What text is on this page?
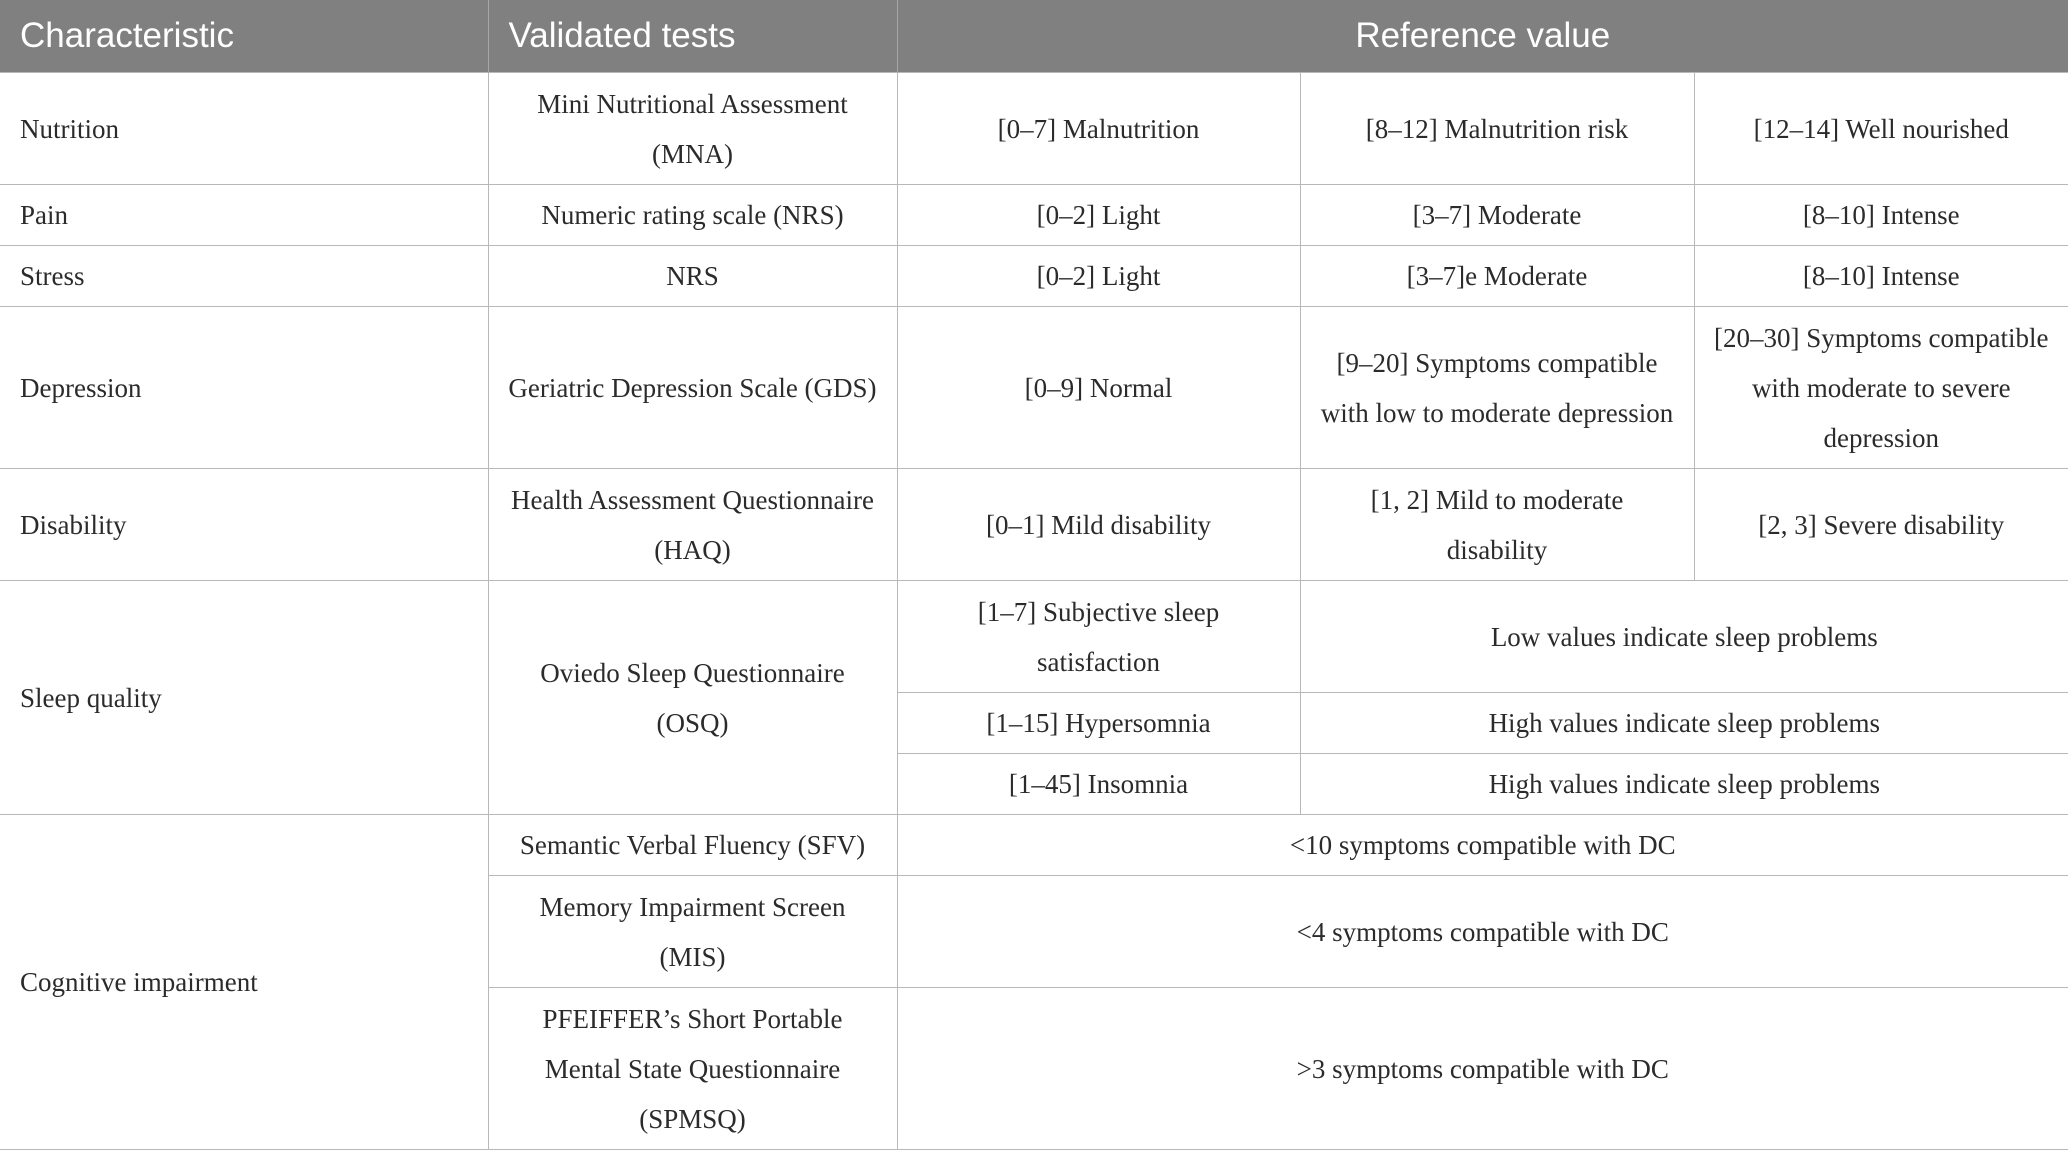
Characteristic	Validated tests	Reference value		
Nutrition	Mini Nutritional Assessment (MNA)	[0–7] Malnutrition	[8–12] Malnutrition risk	[12–14] Well nourished
Pain	Numeric rating scale (NRS)	[0–2] Light	[3–7] Moderate	[8–10] Intense
Stress	NRS	[0–2] Light	[3–7]e Moderate	[8–10] Intense
Depression	Geriatric Depression Scale (GDS)	[0–9] Normal	[9–20] Symptoms compatible with low to moderate depression	[20–30] Symptoms compatible with moderate to severe depression
Disability	Health Assessment Questionnaire (HAQ)	[0–1] Mild disability	[1, 2] Mild to moderate disability	[2, 3] Severe disability
Sleep quality	Oviedo Sleep Questionnaire (OSQ)	[1–7] Subjective sleep satisfaction	Low values indicate sleep problems	
		[1–15] Hypersomnia	High values indicate sleep problems	
		[1–45] Insomnia	High values indicate sleep problems	
Cognitive impairment	Semantic Verbal Fluency (SFV)	<10 symptoms compatible with DC		
	Memory Impairment Screen (MIS)	<4 symptoms compatible with DC		
	PFEIFFER’s Short Portable Mental State Questionnaire (SPMSQ)	>3 symptoms compatible with DC		
